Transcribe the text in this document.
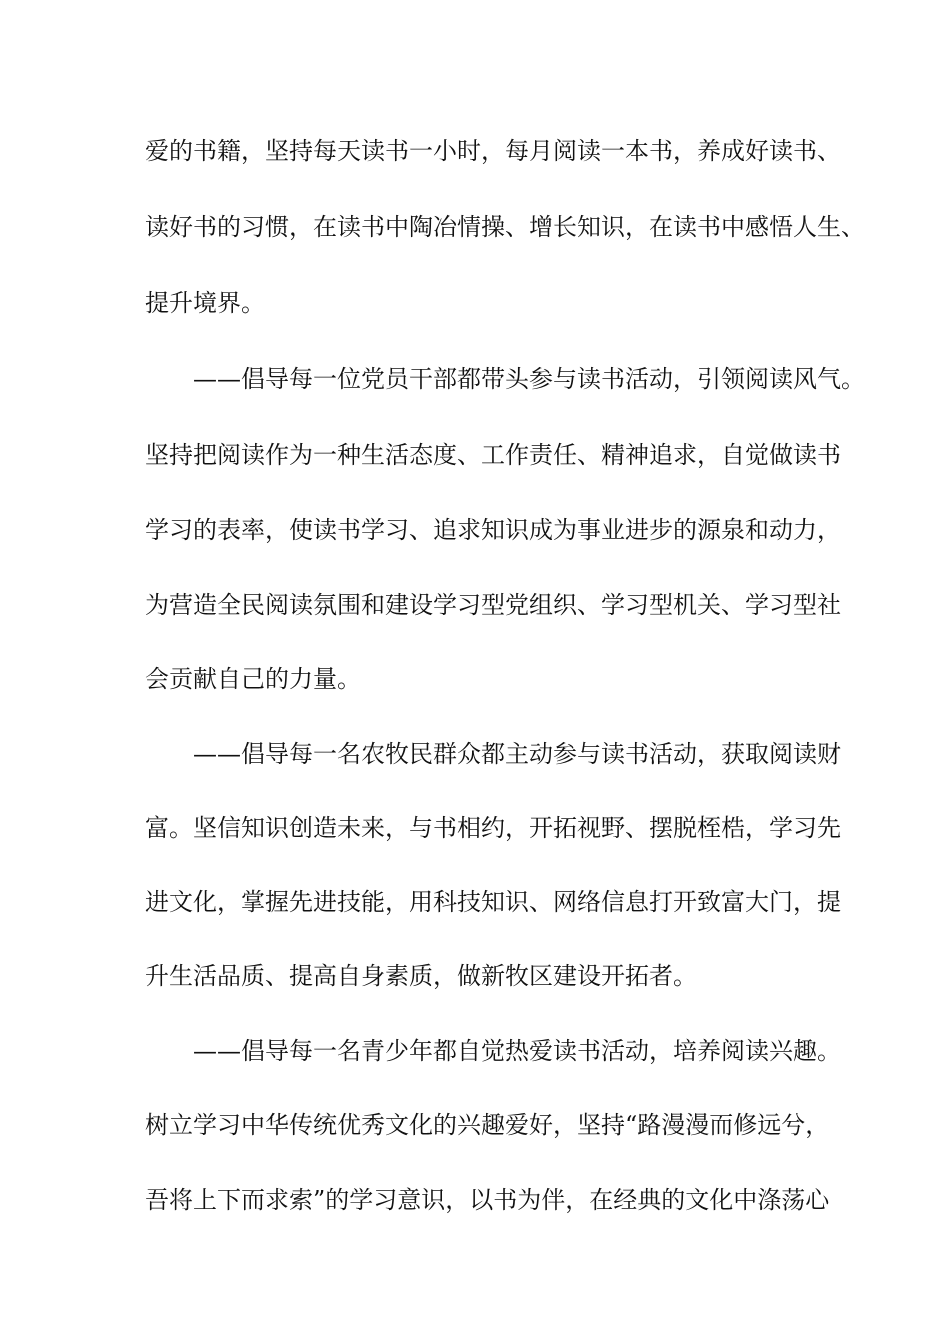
爱的书籍，坚持每天读书一小时，每月阅读一本书，养成好读书、
读好书的习惯，在读书中陶冶情操、增长知识，在读书中感悟人生、
提升境界。
——倡导每一位党员干部都带头参与读书活动，引领阅读风气。
坚持把阅读作为一种生活态度、工作责任、精神追求，自觉做读书
学习的表率，使读书学习、追求知识成为事业进步的源泉和动力，
为营造全民阅读氛围和建设学习型党组织、学习型机关、学习型社
会贡献自己的力量。
——倡导每一名农牧民群众都主动参与读书活动，获取阅读财
富。坚信知识创造未来，与书相约，开拓视野、摆脱桎梏，学习先
进文化，掌握先进技能，用科技知识、网络信息打开致富大门，提
升生活品质、提高自身素质，做新牧区建设开拓者。
——倡导每一名青少年都自觉热爱读书活动，培养阅读兴趣。
树立学习中华传统优秀文化的兴趣爱好，坚持“路漫漫而修远兮，
吾将上下而求索”的学习意识，以书为伴，在经典的文化中涤荡心
